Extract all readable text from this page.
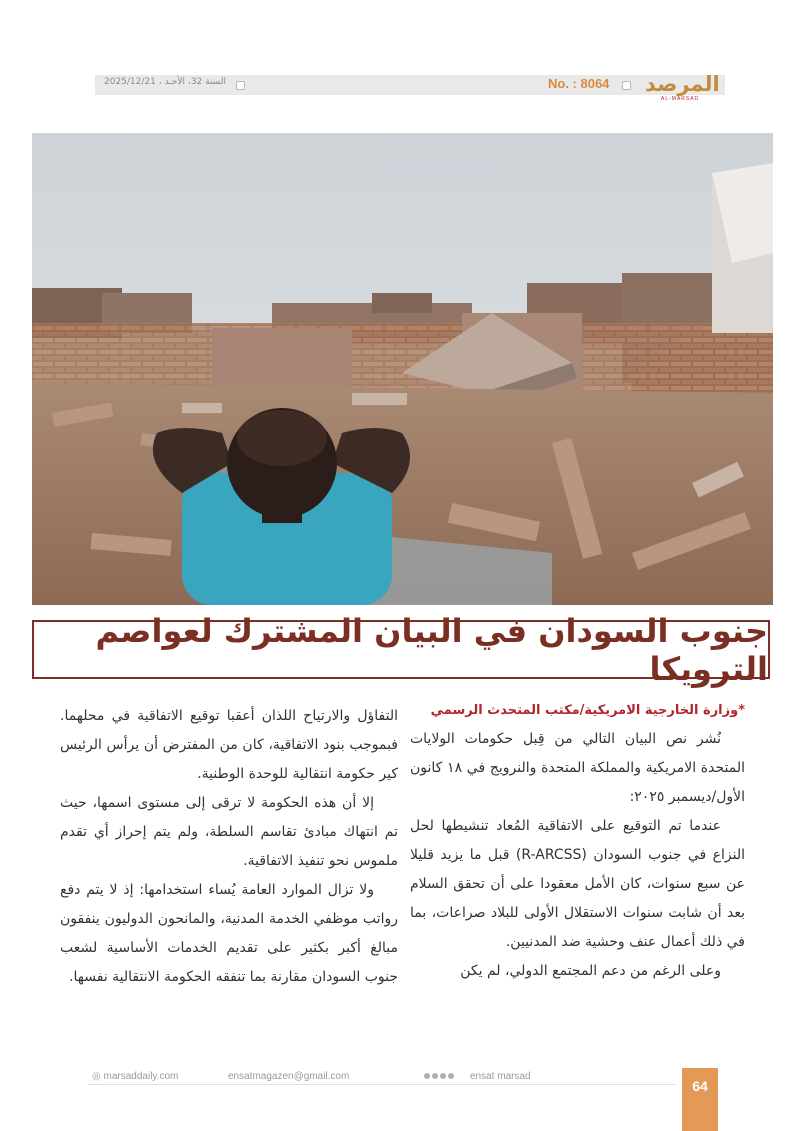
السنة 32، الأحـد ، 2025/12/21	No. : 8064 المرصد
AL-MARSAD
جنوب السودان في البيان المشترك لعواصم الترويكا

*وزارة الخارجية الامريكية/مكتب المتحدث الرسمي

نُشر نص البيان التالي من قِبل حكومات الولايات المتحدة الامريكية والمملكة المتحدة والنرويج في ١٨ كانون الأول/ديسمبر ٢٠٢٥:

عندما تم التوقيع على الاتفاقية المُعاد تنشيطها لحل النزاع في جنوب السودان (R-ARCSS) قبل ما يزيد قليلا عن سبع سنوات، كان الأمل معقودا على أن تحقق السلام بعد أن شابت سنوات الاستقلال الأولى للبلاد صراعات، بما في ذلك أعمال عنف وحشية ضد المدنيين.

وعلى الرغم من دعم المجتمع الدولي، لم يكن

التفاؤل والارتياح اللذان أعقبا توقيع الاتفاقية في محلهما. فبموجب بنود الاتفاقية، كان من المفترض أن يرأس الرئيس كير حكومة انتقالية للوحدة الوطنية.

إلا أن هذه الحكومة لا ترقى إلى مستوى اسمها، حيث تم انتهاك مبادئ تقاسم السلطة، ولم يتم إحراز أي تقدم ملموس نحو تنفيذ الاتفاقية.

ولا تزال الموارد العامة يُساء استخدامها: إذ لا يتم دفع رواتب موظفي الخدمة المدنية، والمانحون الدوليون ينفقون مبالغ أكبر بكثير على تقديم الخدمات الأساسية لشعب جنوب السودان مقارنة بما تنفقه الحكومة الانتقالية نفسها.

◎ marsaddaily.com	ensatmagazen@gmail.com	ensat marsad
64
